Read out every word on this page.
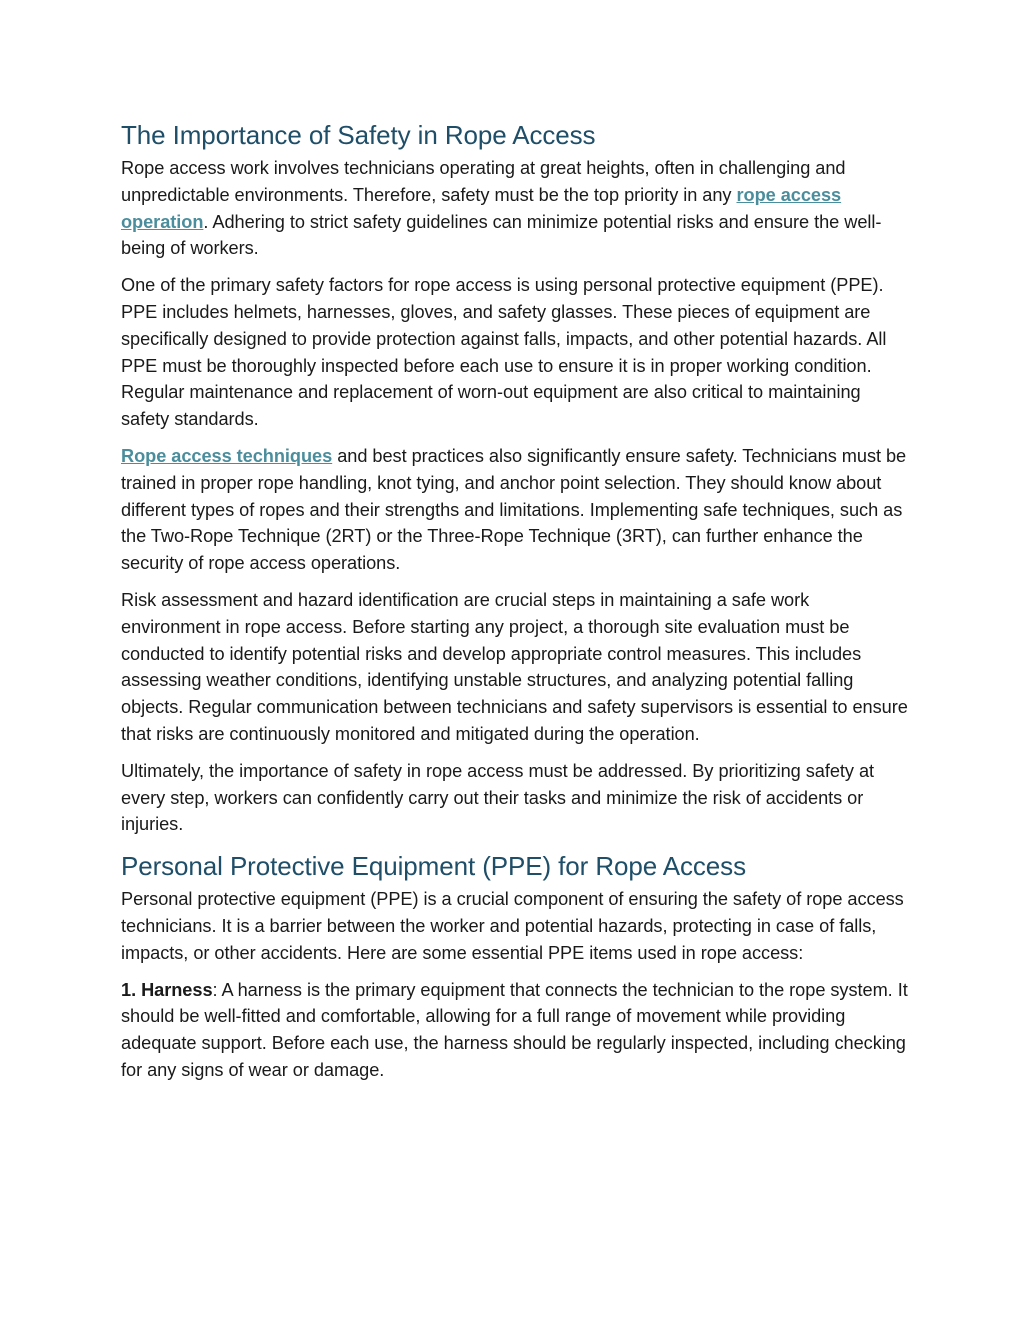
The Importance of Safety in Rope Access

Rope access work involves technicians operating at great heights, often in challenging and unpredictable environments. Therefore, safety must be the top priority in any rope access operation. Adhering to strict safety guidelines can minimize potential risks and ensure the well-being of workers.

One of the primary safety factors for rope access is using personal protective equipment (PPE). PPE includes helmets, harnesses, gloves, and safety glasses. These pieces of equipment are specifically designed to provide protection against falls, impacts, and other potential hazards. All PPE must be thoroughly inspected before each use to ensure it is in proper working condition. Regular maintenance and replacement of worn-out equipment are also critical to maintaining safety standards.

Rope access techniques and best practices also significantly ensure safety. Technicians must be trained in proper rope handling, knot tying, and anchor point selection. They should know about different types of ropes and their strengths and limitations. Implementing safe techniques, such as the Two-Rope Technique (2RT) or the Three-Rope Technique (3RT), can further enhance the security of rope access operations.

Risk assessment and hazard identification are crucial steps in maintaining a safe work environment in rope access. Before starting any project, a thorough site evaluation must be conducted to identify potential risks and develop appropriate control measures. This includes assessing weather conditions, identifying unstable structures, and analyzing potential falling objects. Regular communication between technicians and safety supervisors is essential to ensure that risks are continuously monitored and mitigated during the operation.

Ultimately, the importance of safety in rope access must be addressed. By prioritizing safety at every step, workers can confidently carry out their tasks and minimize the risk of accidents or injuries.

Personal Protective Equipment (PPE) for Rope Access

Personal protective equipment (PPE) is a crucial component of ensuring the safety of rope access technicians. It is a barrier between the worker and potential hazards, protecting in case of falls, impacts, or other accidents. Here are some essential PPE items used in rope access:

1. Harness: A harness is the primary equipment that connects the technician to the rope system. It should be well-fitted and comfortable, allowing for a full range of movement while providing adequate support. Before each use, the harness should be regularly inspected, including checking for any signs of wear or damage.
